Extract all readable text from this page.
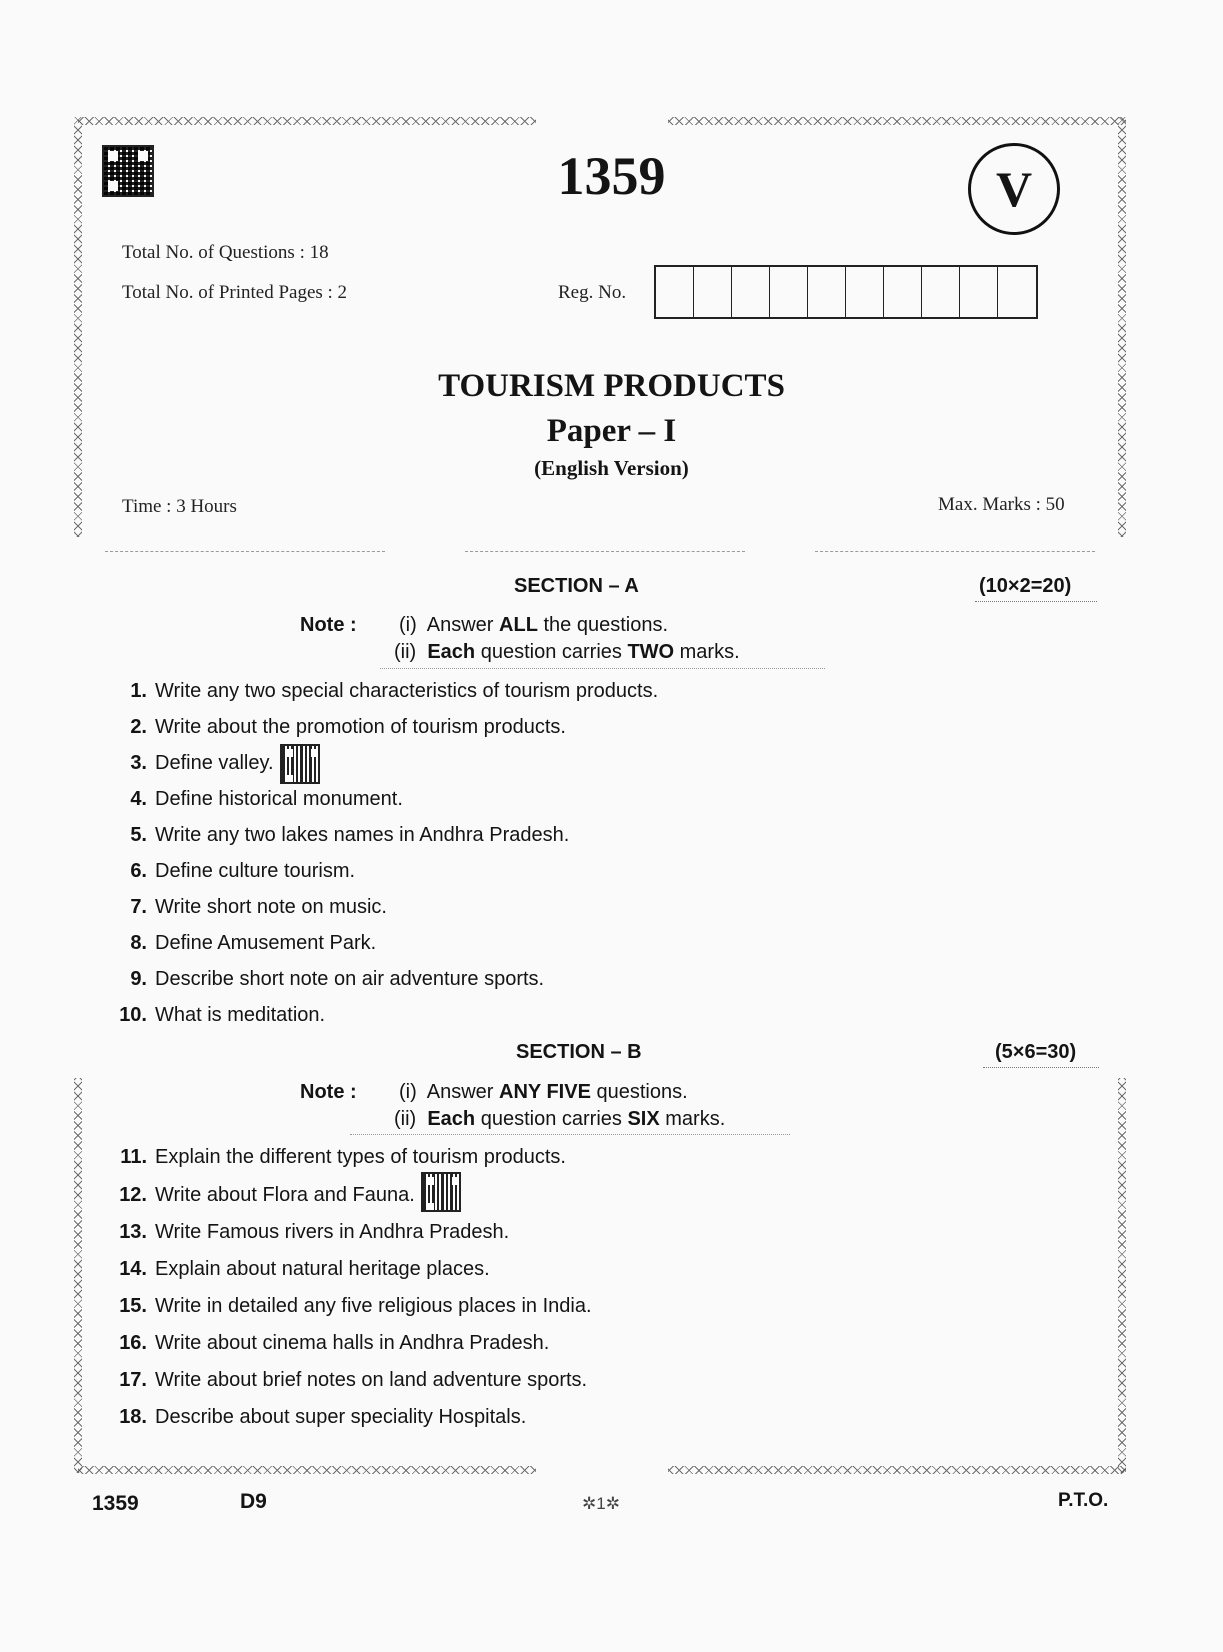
1359	V
Total No. of Questions : 18
Total No. of Printed Pages : 2	Reg. No.
TOURISM PRODUCTS
Paper – I
(English Version)
Time : 3 Hours	Max. Marks : 50
SECTION – A	(10×2=20)
Note : (i)  Answer ALL the questions.
(ii)  Each question carries TWO marks.
1. Write any two special characteristics of tourism products.
2. Write about the promotion of tourism products.
3. Define valley.
4. Define historical monument.
5. Write any two lakes names in Andhra Pradesh.
6. Define culture tourism.
7. Write short note on music.
8. Define Amusement Park.
9. Describe short note on air adventure sports.
10. What is meditation.
SECTION – B	(5×6=30)
Note : (i)  Answer ANY FIVE questions.
(ii)  Each question carries SIX marks.
11. Explain the different types of tourism products.
12. Write about Flora and Fauna.
13. Write Famous rivers in Andhra Pradesh.
14. Explain about natural heritage places.
15. Write in detailed any five religious places in India.
16. Write about cinema halls in Andhra Pradesh.
17. Write about brief notes on land adventure sports.
18. Describe about super speciality Hospitals.
1359	D9	✲1✲	P.T.O.
